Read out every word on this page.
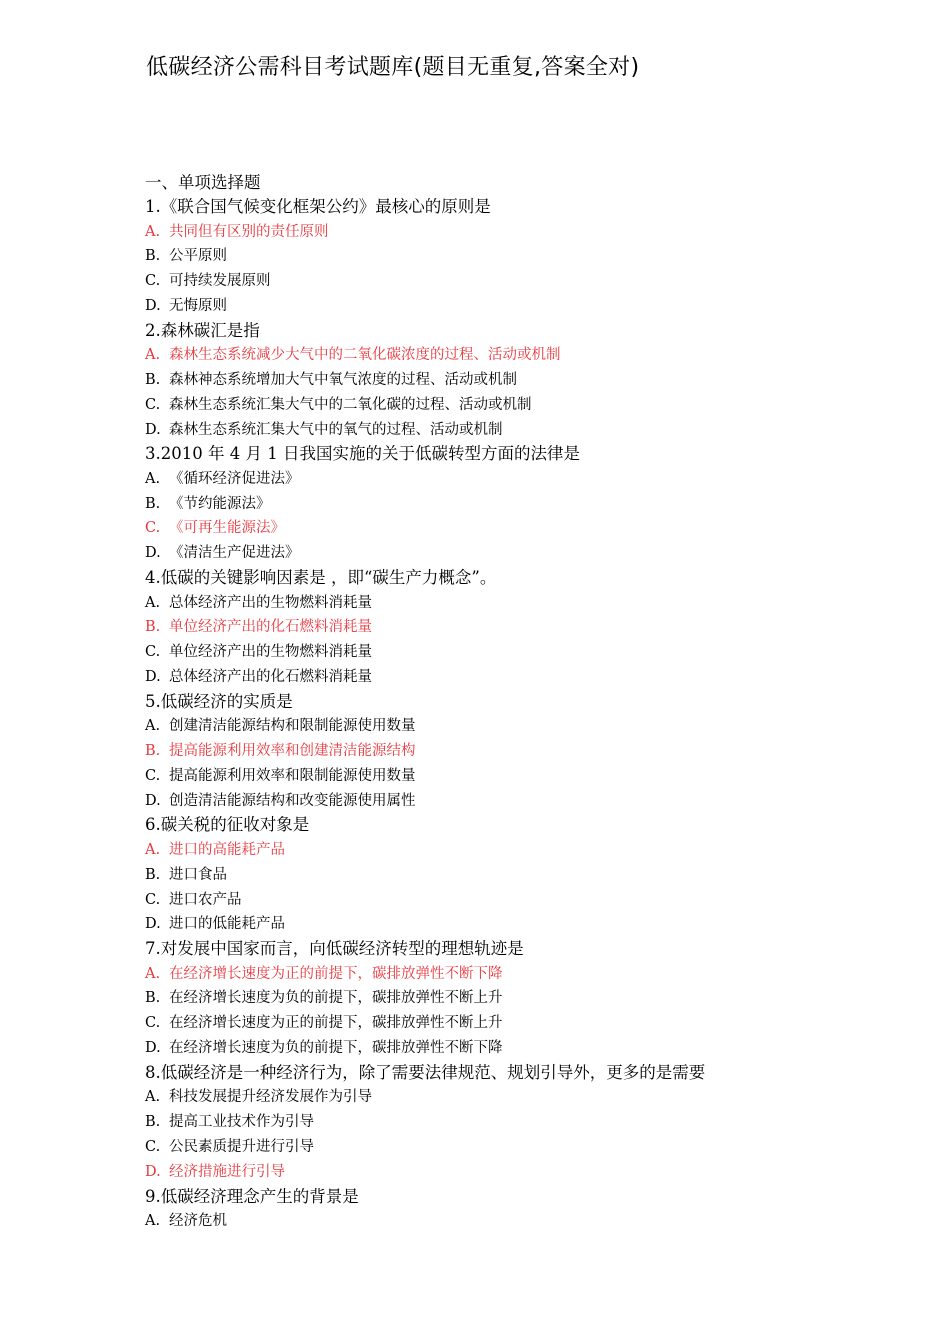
低碳经济公需科目考试题库(题目无重复,答案全对)
一、单项选择题

1 . 《联合国气候变化框架公约》最核心的原则是

A . 共同但有区别的责任原则
B . 公平原则
C . 可持续发展原则
D . 无悔原则

2 . 森林碳汇是指

A . 森林生态系统减少大气中的二氧化碳浓度的过程、活动或机制
B . 森林神态系统增加大气中氧气浓度的过程、活动或机制
C . 森林生态系统汇集大气中的二氧化碳的过程、活动或机制
D . 森林生态系统汇集大气中的氧气的过程、活动或机制

3 . 2010 年 4 月 1 日我国实施的关于低碳转型方面的法律是

A . 《循环经济促进法》
B . 《节约能源法》
C . 《可再生能源法》
D . 《清洁生产促进法》

4 . 低碳的关键影响因素是 ，即“碳生产力概念”。

A . 总体经济产出的生物燃料消耗量
B . 单位经济产出的化石燃料消耗量
C . 单位经济产出的生物燃料消耗量
D . 总体经济产出的化石燃料消耗量

5 . 低碳经济的实质是

A . 创建清洁能源结构和限制能源使用数量
B . 提高能源利用效率和创建清洁能源结构
C . 提高能源利用效率和限制能源使用数量
D . 创造清洁能源结构和改变能源使用属性

6 . 碳关税的征收对象是

A . 进口的高能耗产品
B . 进口食品
C . 进口农产品
D . 进口的低能耗产品

7 . 对发展中国家而言，向低碳经济转型的理想轨迹是

A . 在经济增长速度为正的前提下，碳排放弹性不断下降
B . 在经济增长速度为负的前提下，碳排放弹性不断上升
C . 在经济增长速度为正的前提下，碳排放弹性不断上升
D . 在经济增长速度为负的前提下，碳排放弹性不断下降

8 . 低碳经济是一种经济行为，除了需要法律规范、规划引导外，更多的是需要

A . 科技发展提升经济发展作为引导
B . 提高工业技术作为引导
C . 公民素质提升进行引导
D . 经济措施进行引导

9 . 低碳经济理念产生的背景是

A . 经济危机
